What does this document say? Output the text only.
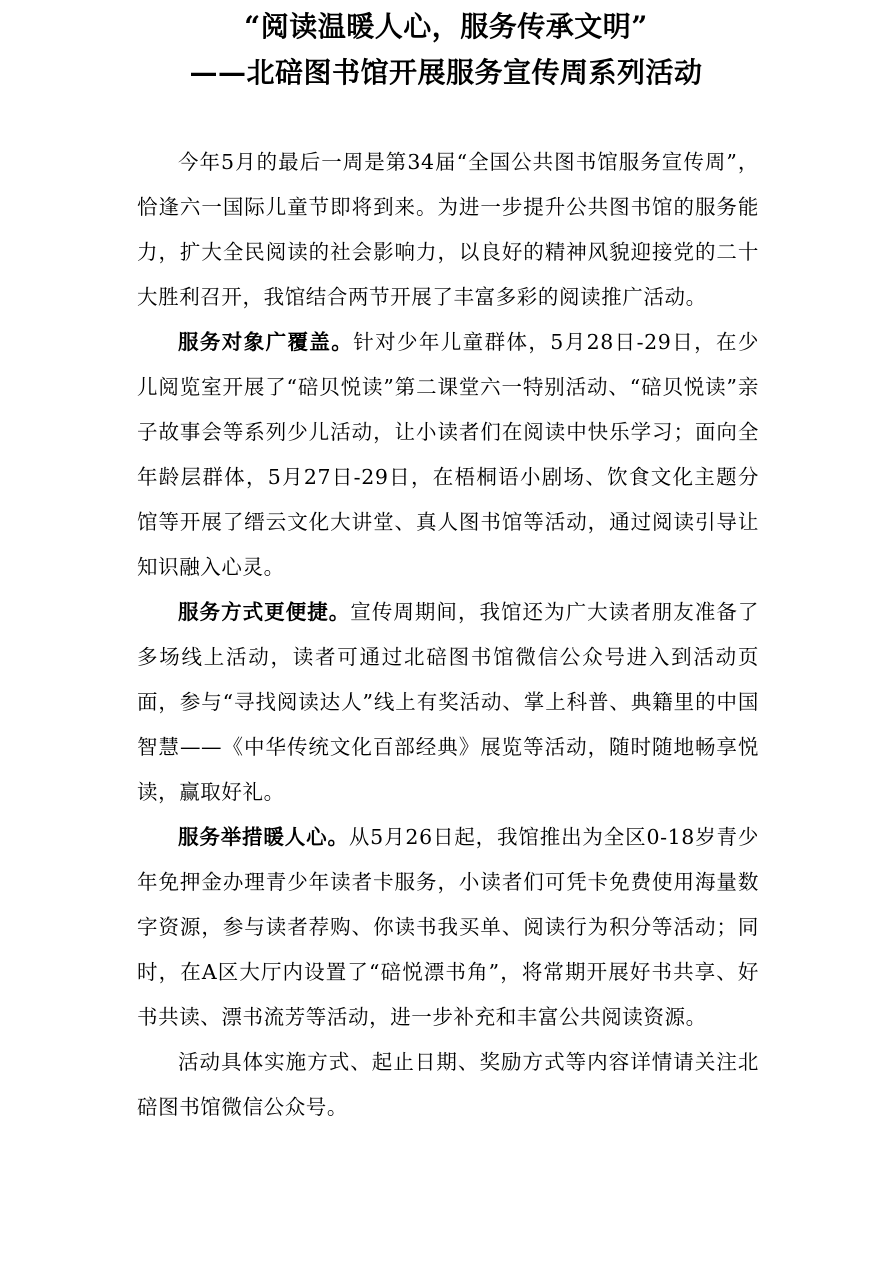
“阅读温暖人心，服务传承文明”
——北碚图书馆开展服务宣传周系列活动

今年5月的最后一周是第34届“全国公共图书馆服务宣传周”，恰逢六一国际儿童节即将到来。为进一步提升公共图书馆的服务能力，扩大全民阅读的社会影响力，以良好的精神风貌迎接党的二十大胜利召开，我馆结合两节开展了丰富多彩的阅读推广活动。

服务对象广覆盖。针对少年儿童群体，5月28日-29日，在少儿阅览室开展了“碚贝悦读”第二课堂六一特别活动、“碚贝悦读”亲子故事会等系列少儿活动，让小读者们在阅读中快乐学习；面向全年龄层群体，5月27日-29日，在梧桐语小剧场、饮食文化主题分馆等开展了缙云文化大讲堂、真人图书馆等活动，通过阅读引导让知识融入心灵。

服务方式更便捷。宣传周期间，我馆还为广大读者朋友准备了多场线上活动，读者可通过北碚图书馆微信公众号进入到活动页面，参与“寻找阅读达人”线上有奖活动、掌上科普、典籍里的中国智慧——《中华传统文化百部经典》展览等活动，随时随地畅享悦读，赢取好礼。

服务举措暖人心。从5月26日起，我馆推出为全区0-18岁青少年免押金办理青少年读者卡服务，小读者们可凭卡免费使用海量数字资源，参与读者荐购、你读书我买单、阅读行为积分等活动；同时，在A区大厅内设置了“碚悦漂书角”，将常期开展好书共享、好书共读、漂书流芳等活动，进一步补充和丰富公共阅读资源。

活动具体实施方式、起止日期、奖励方式等内容详情请关注北碚图书馆微信公众号。
